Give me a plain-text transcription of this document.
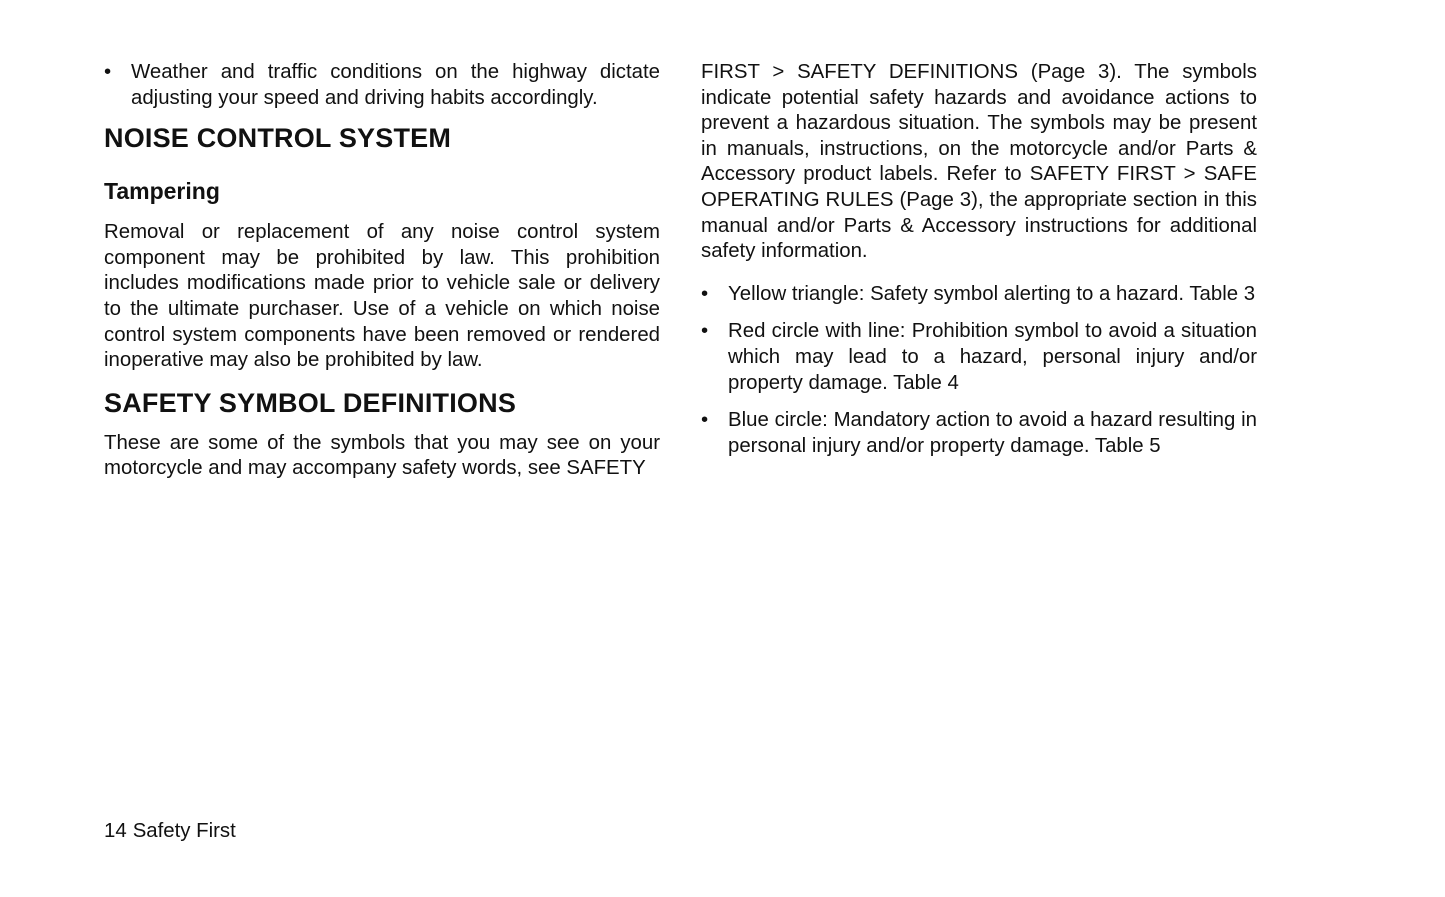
• Weather and traffic conditions on the highway dictate adjusting your speed and driving habits accordingly.

NOISE CONTROL SYSTEM
Tampering

Removal or replacement of any noise control system component may be prohibited by law. This prohibition includes modifications made prior to vehicle sale or delivery to the ultimate purchaser. Use of a vehicle on which noise control system components have been removed or rendered inoperative may also be prohibited by law.

SAFETY SYMBOL DEFINITIONS

These are some of the symbols that you may see on your motorcycle and may accompany safety words, see SAFETY

FIRST > SAFETY DEFINITIONS (Page 3). The symbols indicate potential safety hazards and avoidance actions to prevent a hazardous situation. The symbols may be present in manuals, instructions, on the motorcycle and/or Parts & Accessory product labels. Refer to SAFETY FIRST > SAFE OPERATING RULES (Page 3), the appropriate section in this manual and/or Parts & Accessory instructions for additional safety information.

• Yellow triangle: Safety symbol alerting to a hazard. Table 3

• Red circle with line: Prohibition symbol to avoid a situation which may lead to a hazard, personal injury and/or property damage. Table 4

• Blue circle: Mandatory action to avoid a hazard resulting in personal injury and/or property damage. Table 5

14 Safety First
